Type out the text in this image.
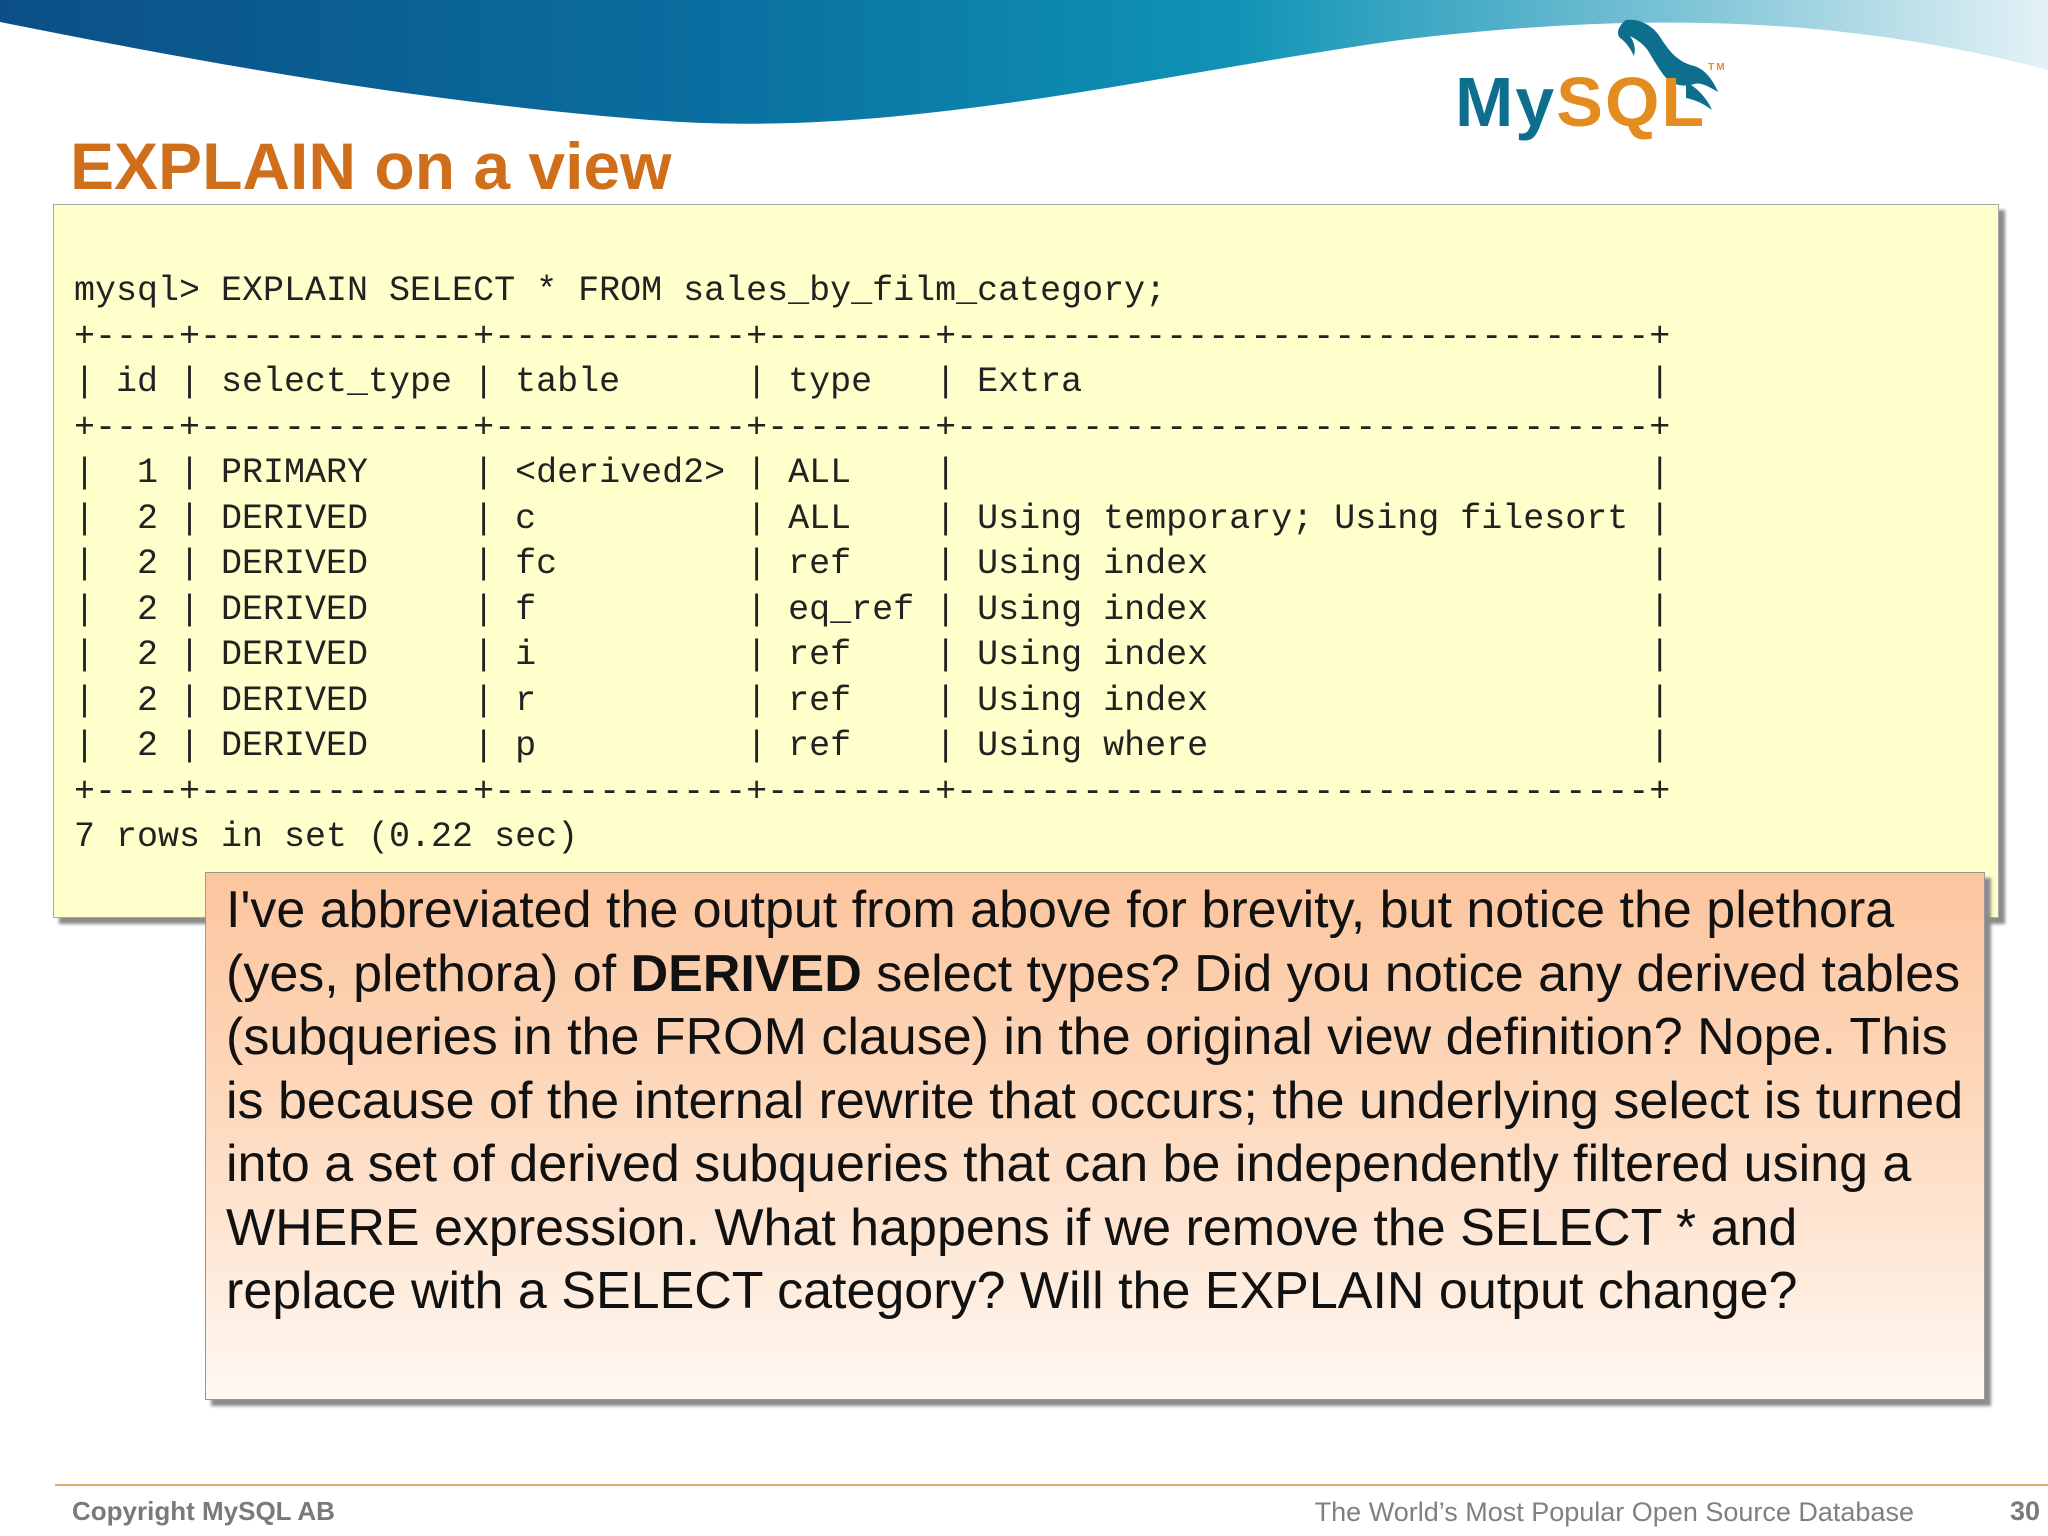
MySQL ™
EXPLAIN on a view
mysql> EXPLAIN SELECT * FROM sales_by_film_category;
+----+-------------+------------+--------+---------------------------------+
| id | select_type | table      | type   | Extra                           |
+----+-------------+------------+--------+---------------------------------+
|  1 | PRIMARY     | <derived2> | ALL    |                                 |
|  2 | DERIVED     | c          | ALL    | Using temporary; Using filesort |
|  2 | DERIVED     | fc         | ref    | Using index                     |
|  2 | DERIVED     | f          | eq_ref | Using index                     |
|  2 | DERIVED     | i          | ref    | Using index                     |
|  2 | DERIVED     | r          | ref    | Using index                     |
|  2 | DERIVED     | p          | ref    | Using where                     |
+----+-------------+------------+--------+---------------------------------+
7 rows in set (0.22 sec)

I've abbreviated the output from above for brevity, but notice the plethora (yes, plethora) of DERIVED select types? Did you notice any derived tables (subqueries in the FROM clause) in the original view definition? Nope. This is because of the internal rewrite that occurs; the underlying select is turned into a set of derived subqueries that can be independently filtered using a WHERE expression. What happens if we remove the SELECT * and replace with a SELECT category? Will the EXPLAIN output change?

Copyright MySQL AB	The World’s Most Popular Open Source Database	30
